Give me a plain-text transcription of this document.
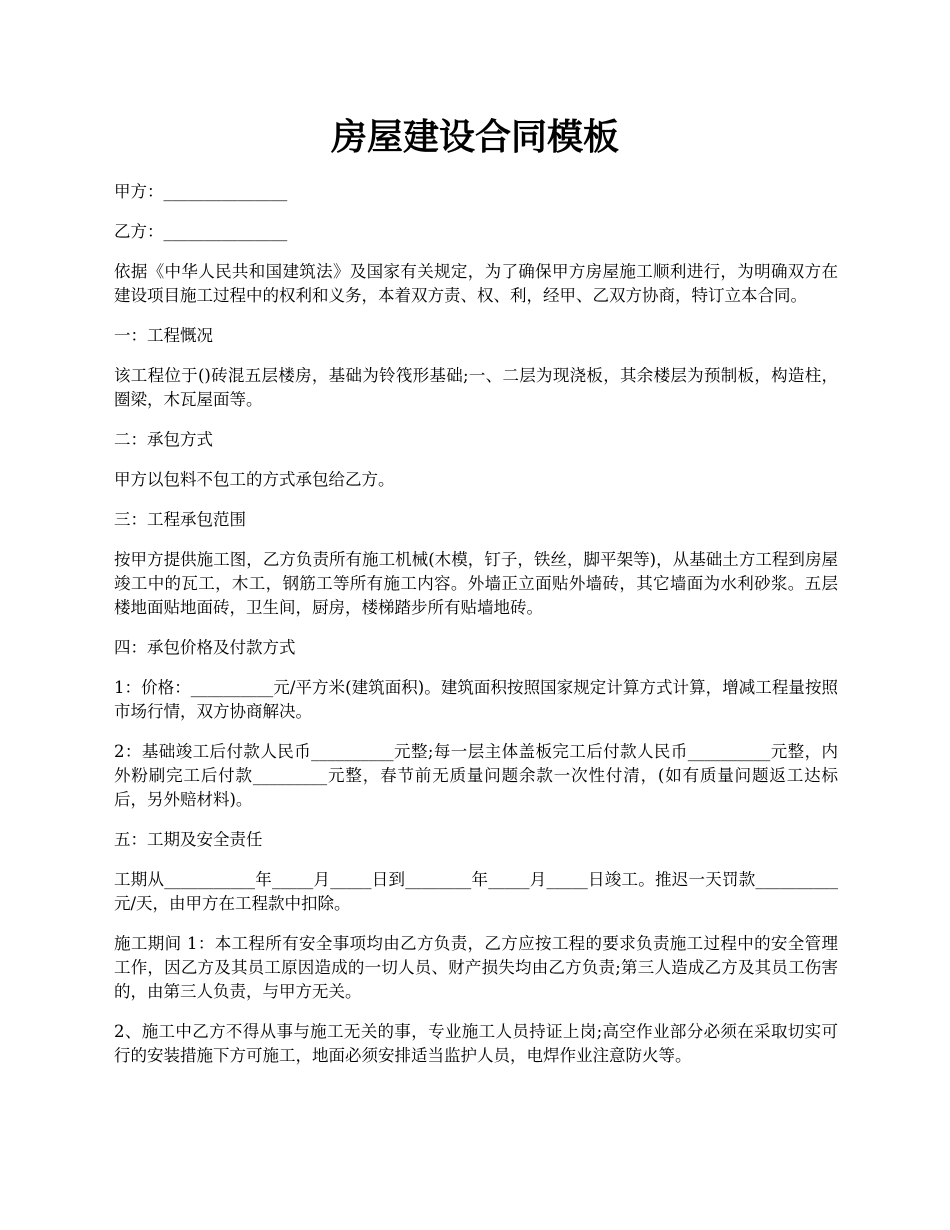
房屋建设合同模板

甲方：_______________

乙方：_______________

依据《中华人民共和国建筑法》及国家有关规定，为了确保甲方房屋施工顺利进行，为明确双方在建设项目施工过程中的权利和义务，本着双方责、权、利，经甲、乙双方协商，特订立本合同。

一：工程慨况

该工程位于()砖混五层楼房，基础为铃筏形基础;一、二层为现浇板，其余楼层为预制板，构造柱，圈梁，木瓦屋面等。

二：承包方式

甲方以包料不包工的方式承包给乙方。

三：工程承包范围

按甲方提供施工图，乙方负责所有施工机械(木模，钉子，铁丝，脚平架等)，从基础土方工程到房屋竣工中的瓦工，木工，钢筋工等所有施工内容。外墙正立面贴外墙砖，其它墙面为水利砂浆。五层楼地面贴地面砖，卫生间，厨房，楼梯踏步所有贴墙地砖。

四：承包价格及付款方式

1：价格：__________元/平方米(建筑面积)。建筑面积按照国家规定计算方式计算，增减工程量按照市场行情，双方协商解决。

2：基础竣工后付款人民币__________元整;每一层主体盖板完工后付款人民币__________元整，内外粉刷完工后付款_________元整，春节前无质量问题余款一次性付清，(如有质量问题返工达标后，另外赔材料)。

五：工期及安全责任

工期从___________年_____月_____日到________年_____月_____日竣工。推迟一天罚款__________元/天，由甲方在工程款中扣除。

施工期间 1：本工程所有安全事项均由乙方负责，乙方应按工程的要求负责施工过程中的安全管理工作，因乙方及其员工原因造成的一切人员、财产损失均由乙方负责;第三人造成乙方及其员工伤害的，由第三人负责，与甲方无关。

2、施工中乙方不得从事与施工无关的事，专业施工人员持证上岗;高空作业部分必须在采取切实可行的安装措施下方可施工，地面必须安排适当监护人员，电焊作业注意防火等。
